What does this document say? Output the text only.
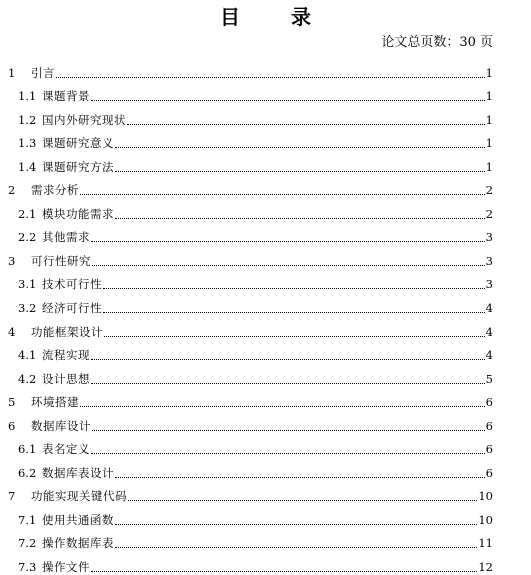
目 录
论文总页数：30 页
1	引言	1
1.1 课题背景	1
1.2 国内外研究现状	1
1.3 课题研究意义	1
1.4 课题研究方法	1
2	需求分析	2
2.1 模块功能需求	2
2.2 其他需求	3
3	可行性研究	3
3.1 技术可行性	3
3.2 经济可行性	4
4	功能框架设计	4
4.1 流程实现	4
4.2 设计思想	5
5	环境搭建	6
6	数据库设计	6
6.1 表名定义	6
6.2 数据库表设计	6
7	功能实现关键代码	10
7.1 使用共通函数	10
7.2 操作数据库表	11
7.3 操作文件	12
